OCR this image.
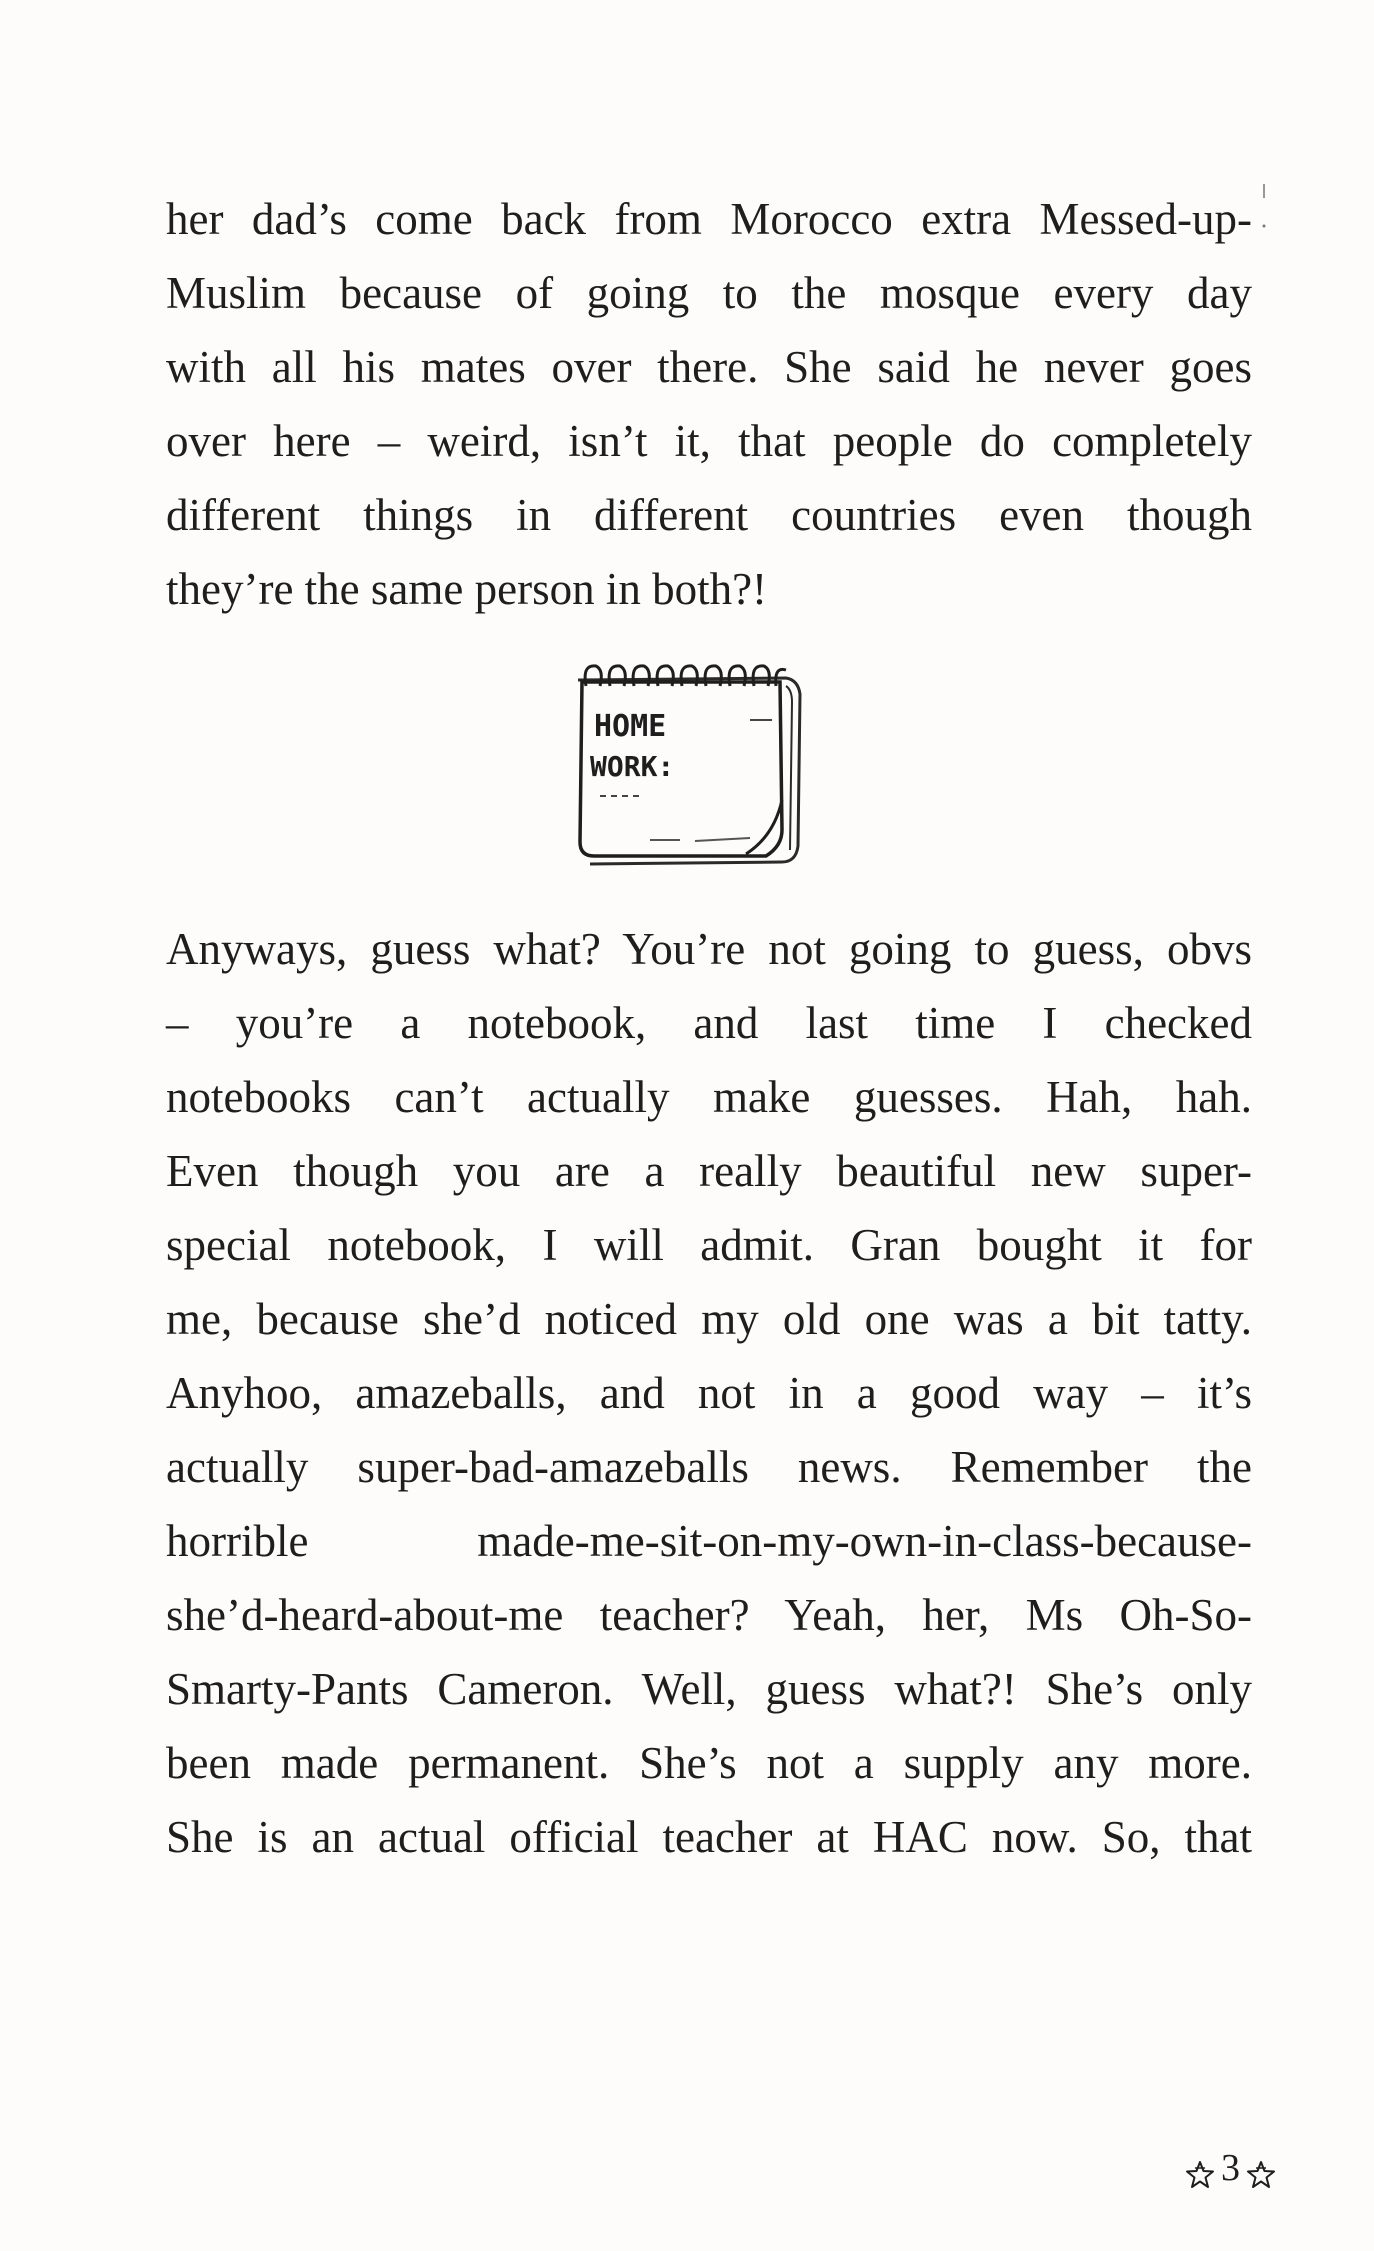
her dad’s come back from Morocco extra Messed-up-
Muslim because of going to the mosque every day
with all his mates over there. She said he never goes
over here – weird, isn’t it, that people do completely
different things in different countries even though
they’re the same person in both?!
HOME
WORK:
Anyways, guess what? You’re not going to guess, obvs
– you’re a notebook, and last time I checked
notebooks can’t actually make guesses. Hah, hah.
Even though you are a really beautiful new super-
special notebook, I will admit. Gran bought it for
me, because she’d noticed my old one was a bit tatty.
Anyhoo, amazeballs, and not in a good way – it’s
actually super-bad-amazeballs news. Remember the
horrible made-me-sit-on-my-own-in-class-because-
she’d-heard-about-me teacher? Yeah, her, Ms Oh-So-
Smarty-Pants Cameron. Well, guess what?! She’s only
been made permanent. She’s not a supply any more.
She is an actual official teacher at HAC now. So, that
3
